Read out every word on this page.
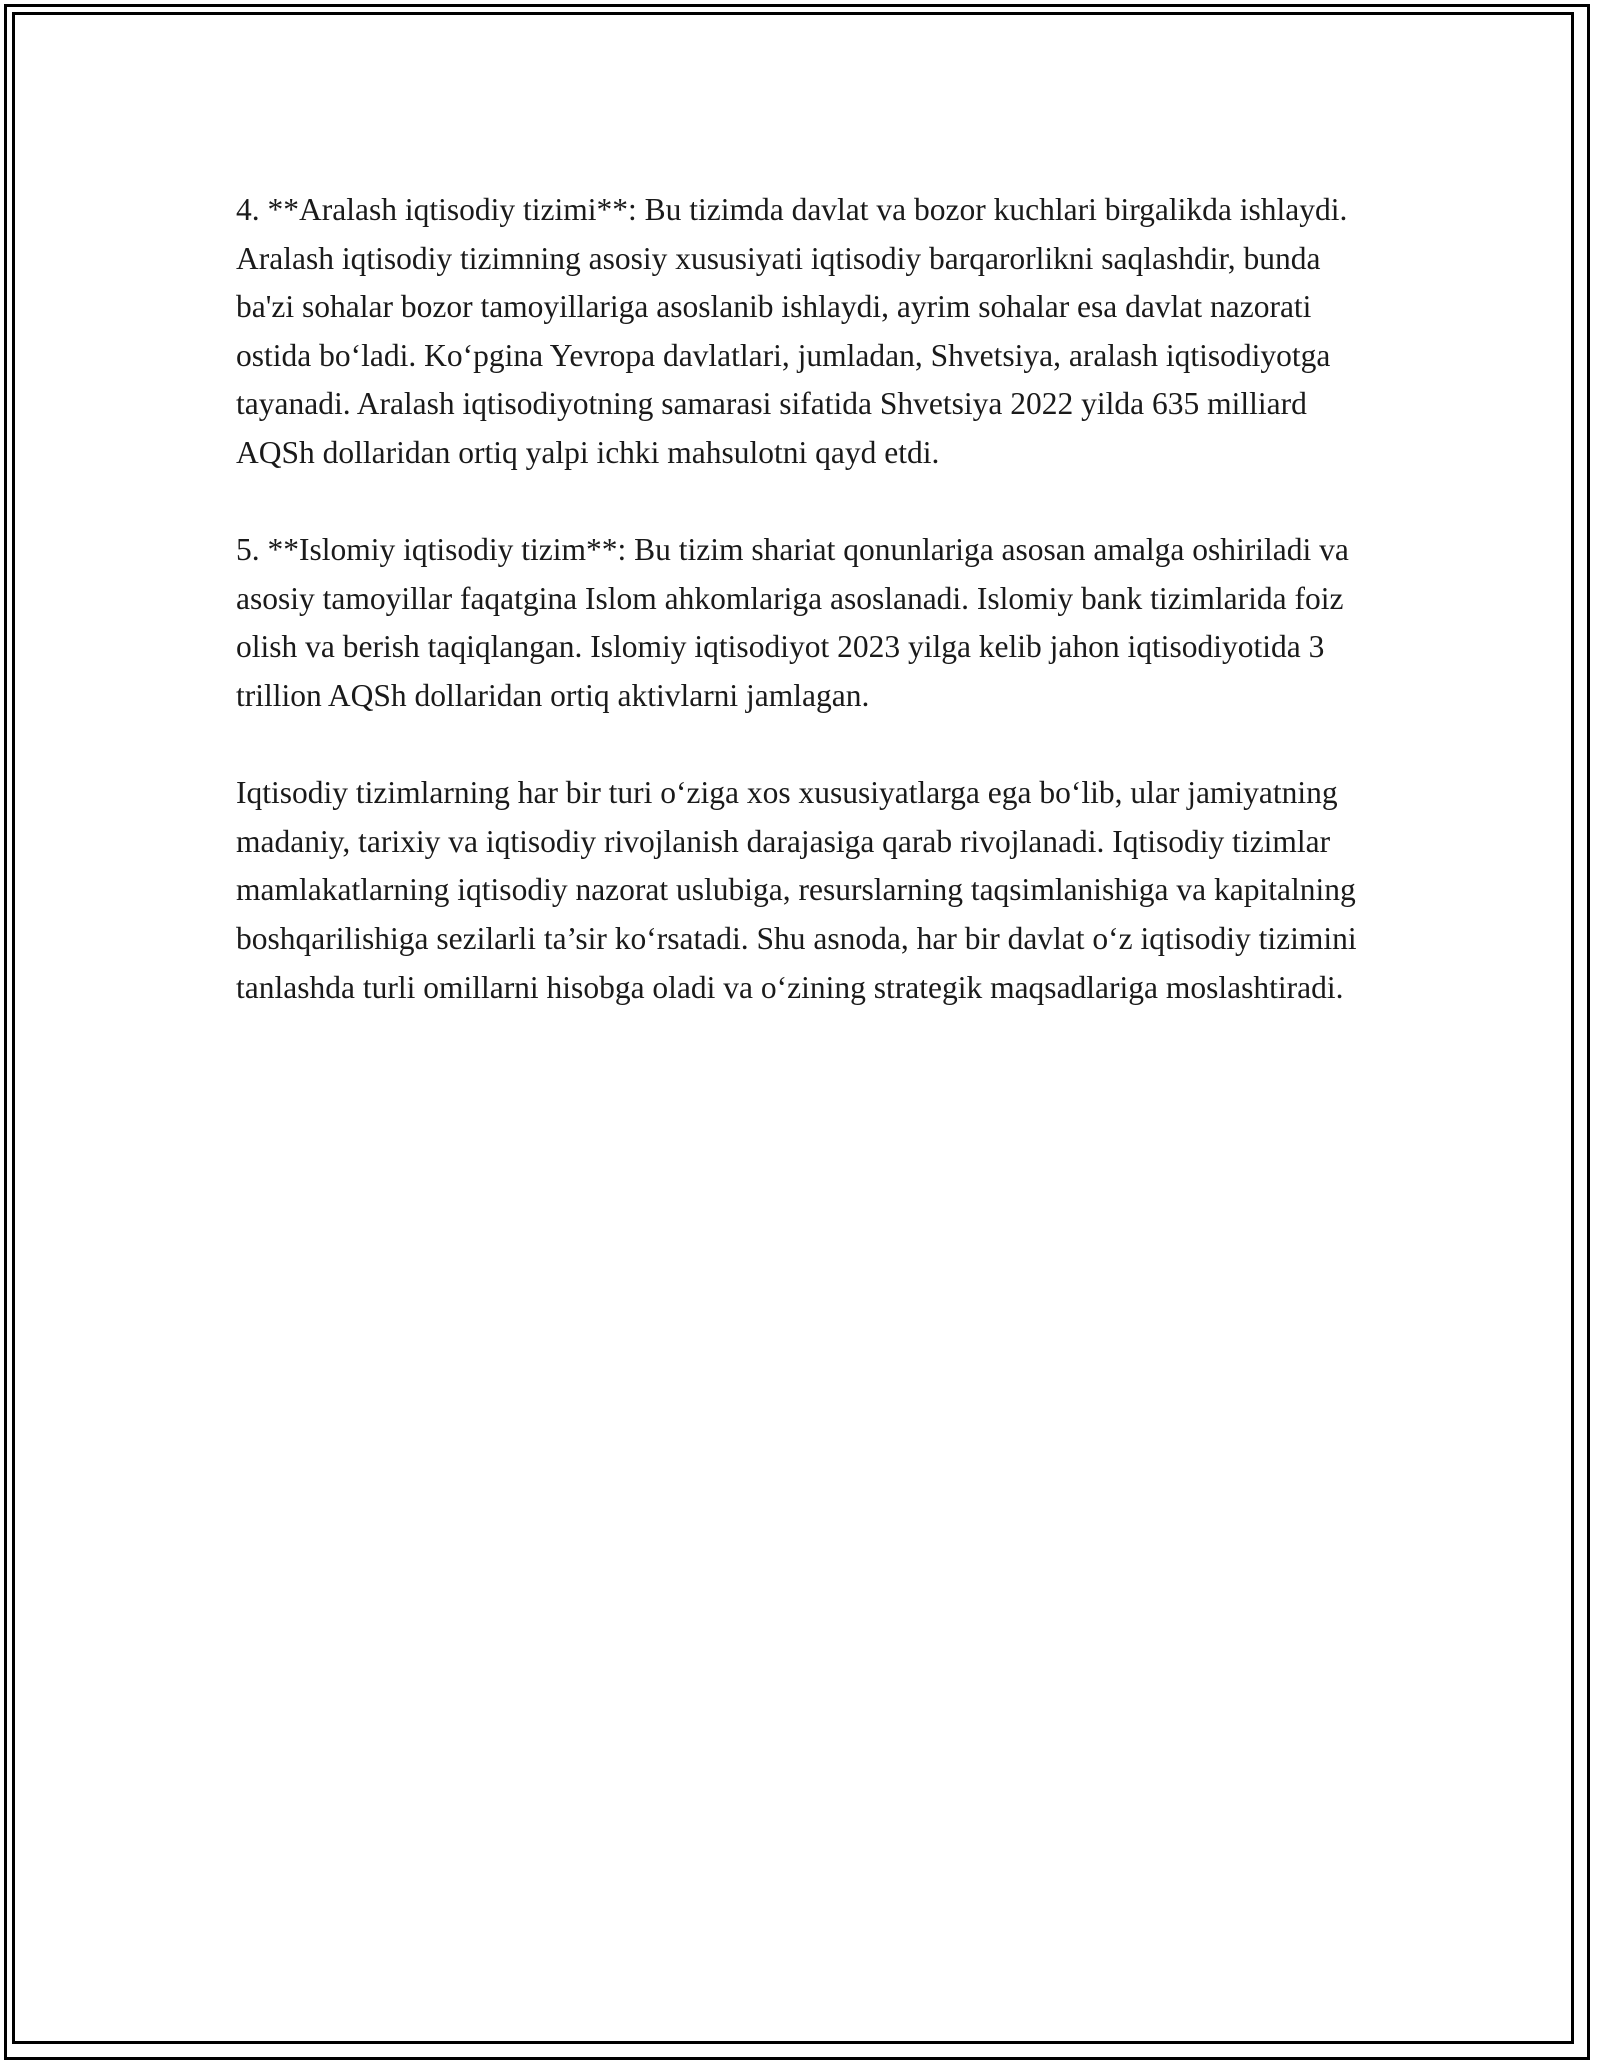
4. **Aralash iqtisodiy tizimi**: Bu tizimda davlat va bozor kuchlari birgalikda ishlaydi. Aralash iqtisodiy tizimning asosiy xususiyati iqtisodiy barqarorlikni saqlashdir, bunda ba'zi sohalar bozor tamoyillariga asoslanib ishlaydi, ayrim sohalar esa davlat nazorati ostida bo‘ladi. Ko‘pgina Yevropa davlatlari, jumladan, Shvetsiya, aralash iqtisodiyotga tayanadi. Aralash iqtisodiyotning samarasi sifatida Shvetsiya 2022 yilda 635 milliard AQSh dollaridan ortiq yalpi ichki mahsulotni qayd etdi.

5. **Islomiy iqtisodiy tizim**: Bu tizim shariat qonunlariga asosan amalga oshiriladi va asosiy tamoyillar faqatgina Islom ahkomlariga asoslanadi. Islomiy bank tizimlarida foiz olish va berish taqiqlangan. Islomiy iqtisodiyot 2023 yilga kelib jahon iqtisodiyotida 3 trillion AQSh dollaridan ortiq aktivlarni jamlagan.

Iqtisodiy tizimlarning har bir turi o‘ziga xos xususiyatlarga ega bo‘lib, ular jamiyatning madaniy, tarixiy va iqtisodiy rivojlanish darajasiga qarab rivojlanadi. Iqtisodiy tizimlar mamlakatlarning iqtisodiy nazorat uslubiga, resurslarning taqsimlanishiga va kapitalning boshqarilishiga sezilarli ta’sir ko‘rsatadi. Shu asnoda, har bir davlat o‘z iqtisodiy tizimini tanlashda turli omillarni hisobga oladi va o‘zining strategik maqsadlariga moslashtiradi.
